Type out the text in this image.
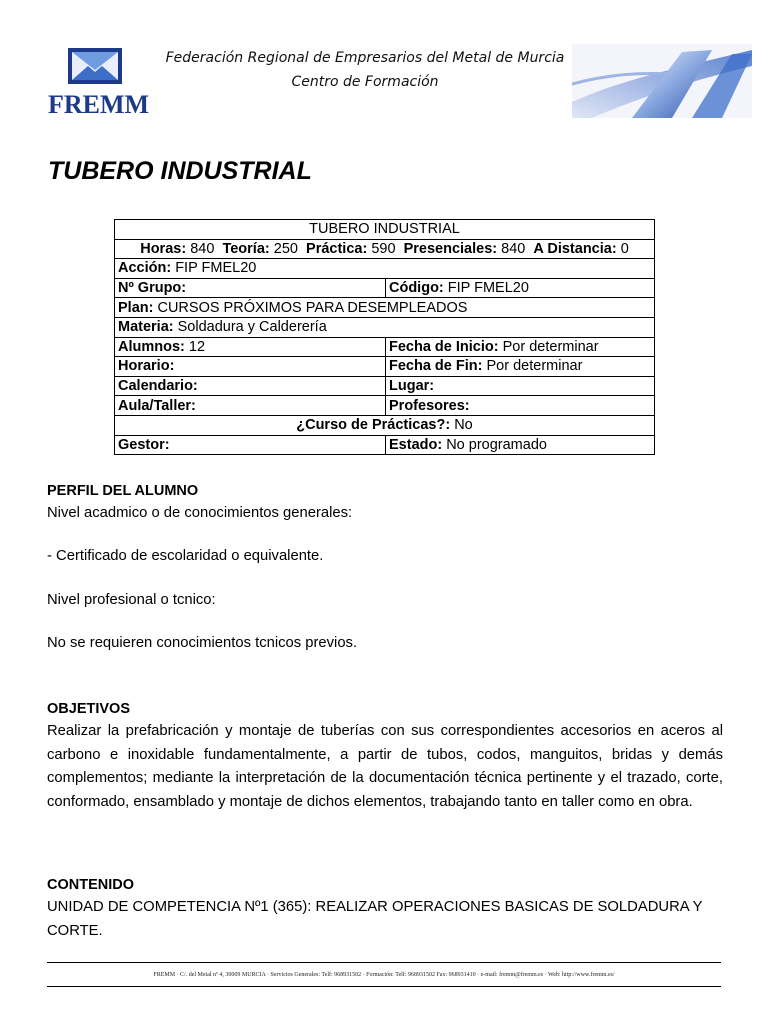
FREMM
Federación Regional de Empresarios del Metal de Murcia
Centro de Formación
TUBERO INDUSTRIAL
TUBERO INDUSTRIAL	
Horas: 840 Teoría: 250 Práctica: 590 Presenciales: 840 A Distancia: 0	
Acción: FIP FMEL20	
Nº Grupo:	Código: FIP FMEL20
Plan: CURSOS PRÓXIMOS PARA DESEMPLEADOS	
Materia: Soldadura y Calderería	
Alumnos: 12	Fecha de Inicio: Por determinar
Horario:	Fecha de Fin: Por determinar
Calendario:	Lugar:
Aula/Taller:	Profesores:
¿Curso de Prácticas?: No	
Gestor:	Estado: No programado
PERFIL DEL ALUMNO

Nivel acadmico o de conocimientos generales:

- Certificado de escolaridad o equivalente.

Nivel profesional o tcnico:

No se requieren conocimientos tcnicos previos.

OBJETIVOS

Realizar la prefabricación y montaje de tuberías con sus correspondientes accesorios en aceros al carbono e inoxidable fundamentalmente, a partir de tubos, codos, manguitos, bridas y demás complementos; mediante la interpretación de la documentación técnica pertinente y el trazado, corte, conformado, ensamblado y montaje de dichos elementos, trabajando tanto en taller como en obra.

CONTENIDO

UNIDAD DE COMPETENCIA Nº1 (365): REALIZAR OPERACIONES BASICAS DE SOLDADURA Y CORTE.

FREMM · C/. del Metal nº 4, 30009 MURCIA · Servicios Generales: Telf: 968931502 · Formación: Telf: 968931502 Fax: 968931410 · e-mail: fremm@fremm.es · Web: http://www.fremm.es/
